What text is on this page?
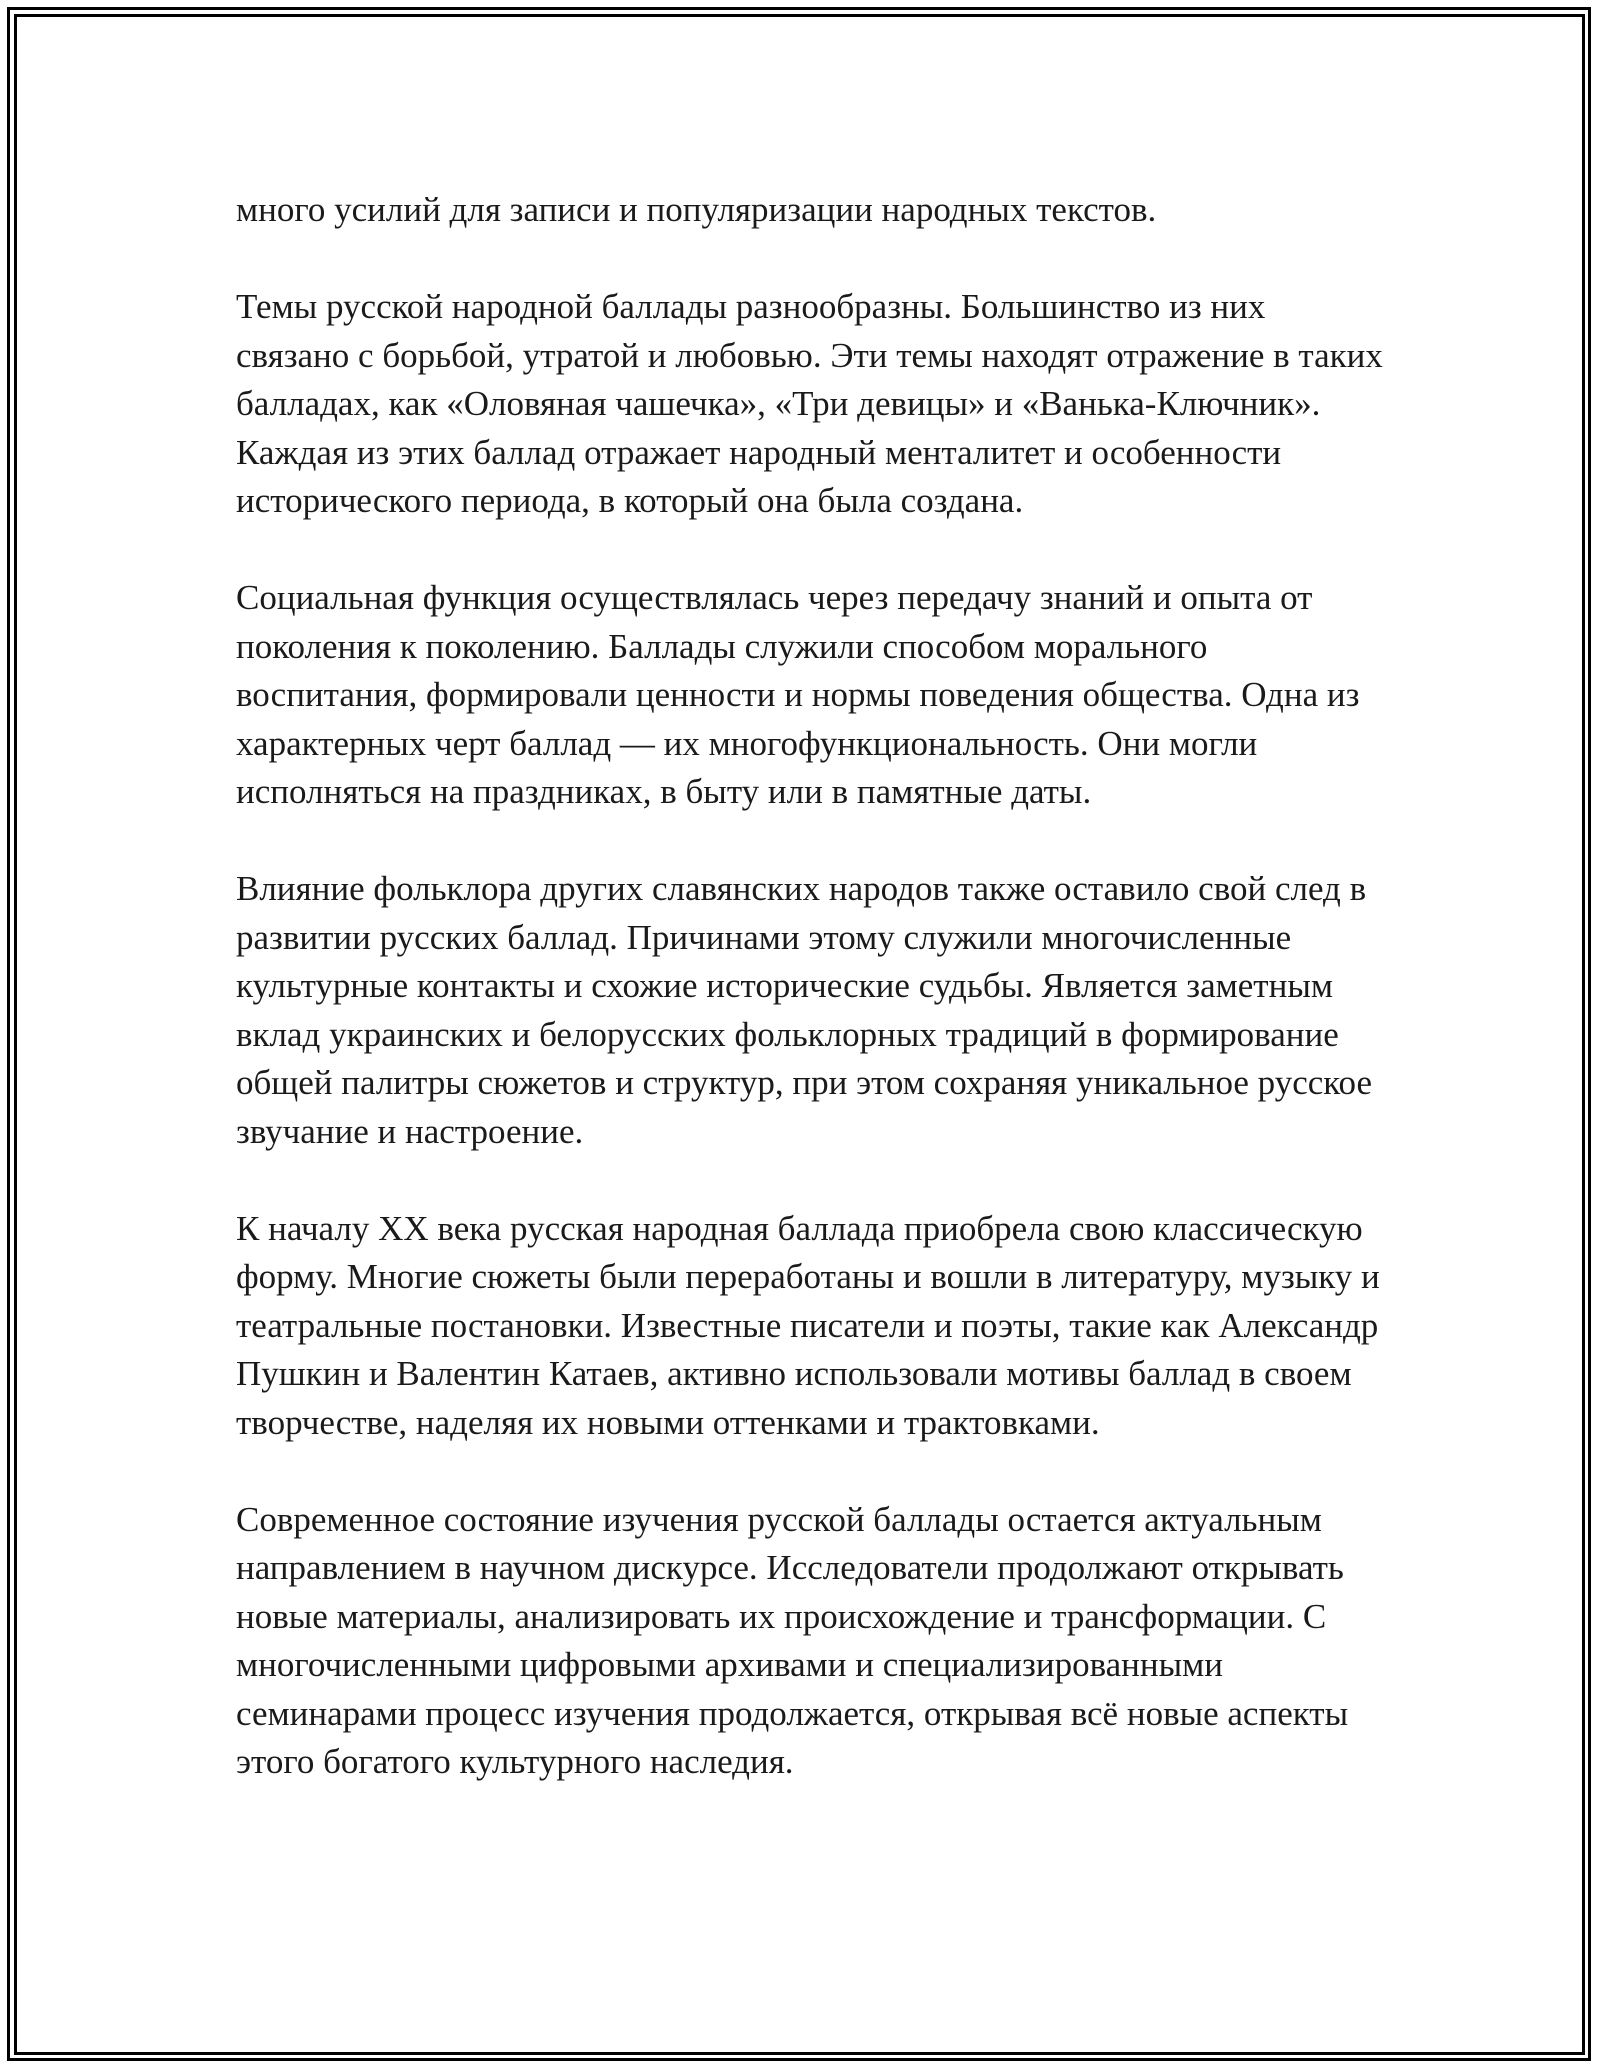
много усилий для записи и популяризации народных текстов.

Темы русской народной баллады разнообразны. Большинство из них связано с борьбой, утратой и любовью. Эти темы находят отражение в таких балладах, как «Оловяная чашечка», «Три девицы» и «Ванька-Ключник». Каждая из этих баллад отражает народный менталитет и особенности исторического периода, в который она была создана.

Социальная функция осуществлялась через передачу знаний и опыта от поколения к поколению. Баллады служили способом морального воспитания, формировали ценности и нормы поведения общества. Одна из характерных черт баллад — их многофункциональность. Они могли исполняться на праздниках, в быту или в памятные даты.

Влияние фольклора других славянских народов также оставило свой след в развитии русских баллад. Причинами этому служили многочисленные культурные контакты и схожие исторические судьбы. Является заметным вклад украинских и белорусских фольклорных традиций в формирование общей палитры сюжетов и структур, при этом сохраняя уникальное русское звучание и настроение.

К началу XX века русская народная баллада приобрела свою классическую форму. Многие сюжеты были переработаны и вошли в литературу, музыку и театральные постановки. Известные писатели и поэты, такие как Александр Пушкин и Валентин Катаев, активно использовали мотивы баллад в своем творчестве, наделяя их новыми оттенками и трактовками.

Современное состояние изучения русской баллады остается актуальным направлением в научном дискурсе. Исследователи продолжают открывать новые материалы, анализировать их происхождение и трансформации. С многочисленными цифровыми архивами и специализированными семинарами процесс изучения продолжается, открывая всё новые аспекты этого богатого культурного наследия.
